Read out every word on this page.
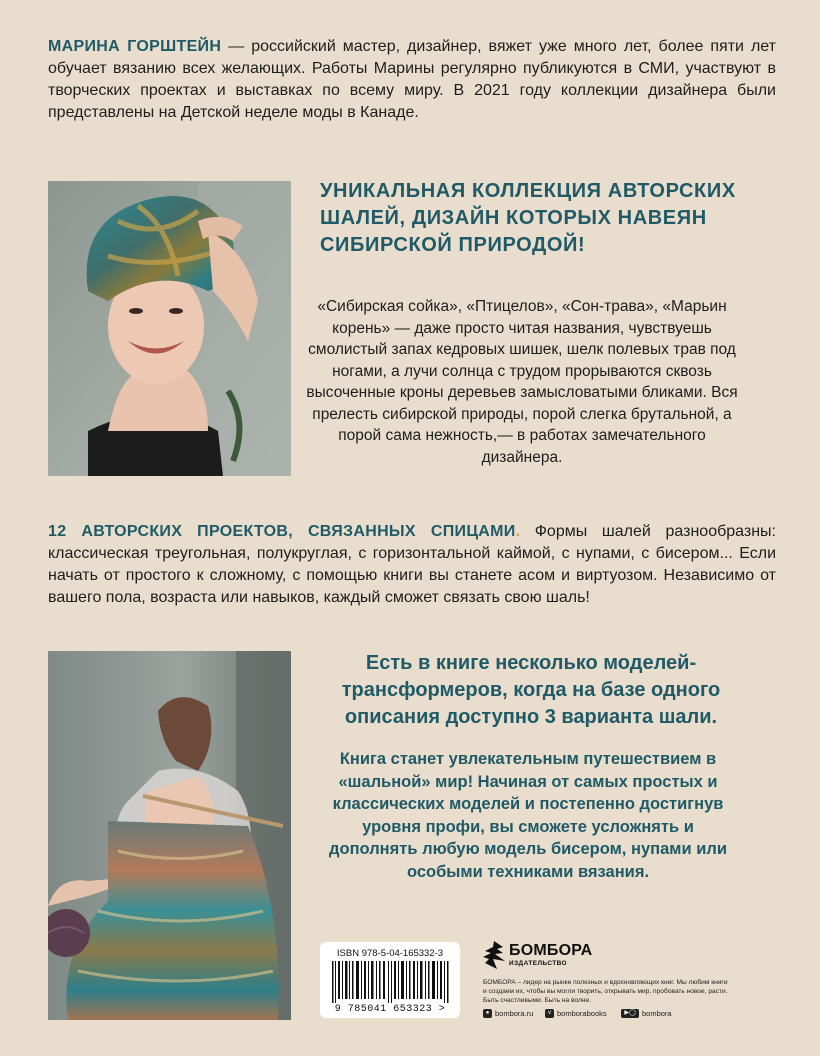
МАРИНА ГОРШТЕЙН — российский мастер, дизайнер, вяжет уже много лет, более пяти лет обучает вязанию всех желающих. Работы Марины регулярно публикуются в СМИ, участвуют в творческих проектах и выставках по всему миру. В 2021 году коллекции дизайнера были представлены на Детской неделе моды в Канаде.
УНИКАЛЬНАЯ КОЛЛЕКЦИЯ АВТОРСКИХ ШАЛЕЙ, ДИЗАЙН КОТОРЫХ НАВЕЯН СИБИРСКОЙ ПРИРОДОЙ!
«Сибирская сойка», «Птицелов», «Сон-трава», «Марьин корень» — даже просто читая названия, чувствуешь смолистый запах кедровых шишек, шелк полевых трав под ногами, а лучи солнца с трудом прорываются сквозь высоченные кроны деревьев замысловатыми бликами. Вся прелесть сибирской природы, порой слегка брутальной, а порой сама нежность,— в работах замечательного дизайнера.
12 АВТОРСКИХ ПРОЕКТОВ, СВЯЗАННЫХ СПИЦАМИ. Формы шалей разнообразны: классическая треугольная, полукруглая, с горизонтальной каймой, с нупами, с бисером... Если начать от простого к сложному, с помощью книги вы станете асом и виртуозом. Независимо от вашего пола, возраста или навыков, каждый сможет связать свою шаль!
Есть в книге несколько моделей-трансформеров, когда на базе одного описания доступно 3 варианта шали.
Книга станет увлекательным путешествием в «шальной» мир! Начиная от самых простых и классических моделей и постепенно достигнув уровня профи, вы сможете усложнять и дополнять любую модель бисером, нупами или особыми техниками вязания.
ISBN 978-5-04-165332-3
9 785041 653323 >
БОМБОРА
ИЗДАТЕЛЬСТВО
БОМБОРА – лидер на рынке полезных и вдохновляющих книг. Мы любим книги и создаем их, чтобы вы могли творить, открывать мир, пробовать новое, расти. Быть счастливыми. Быть на волне.
● bombora.ru	v bomborabooks	▶◯ bombora
